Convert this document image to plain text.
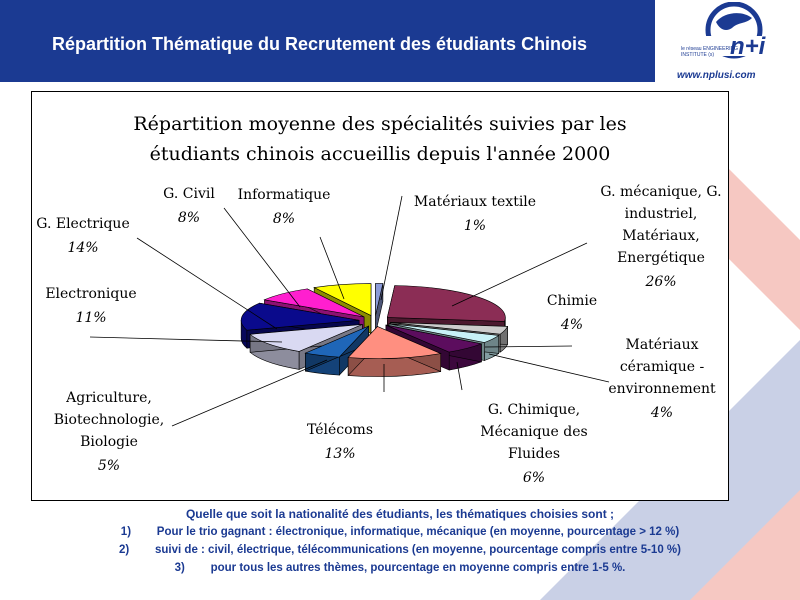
Répartition Thématique du Recrutement des étudiants Chinois	n+i
le réseau ENGINEERING INSTITUTE (s)
www.nplusi.com
Répartition moyenne des spécialités suivies par les
étudiants chinois accueillis depuis l'année 2000
Matériaux textile
1%
G. mécanique, G.
industriel,
Matériaux,
Energétique
26%
Chimie
4%
Matériaux
céramique -
environnement
4%
G. Chimique,
Mécanique des
Fluides
6%
Télécoms
13%
Agriculture,
Biotechnologie,
Biologie
5%
Electronique
11%
G. Electrique
14%
G. Civil
8%
Informatique
8%
Quelle que soit la nationalité des étudiants, les thématiques choisies sont ;
1) Pour le trio gagnant : électronique, informatique, mécanique (en moyenne, pourcentage > 12 %)
2) suivi de : civil, électrique, télécommunications (en moyenne, pourcentage compris entre 5-10 %)
3) pour tous les autres thèmes, pourcentage en moyenne compris entre 1-5 %.
